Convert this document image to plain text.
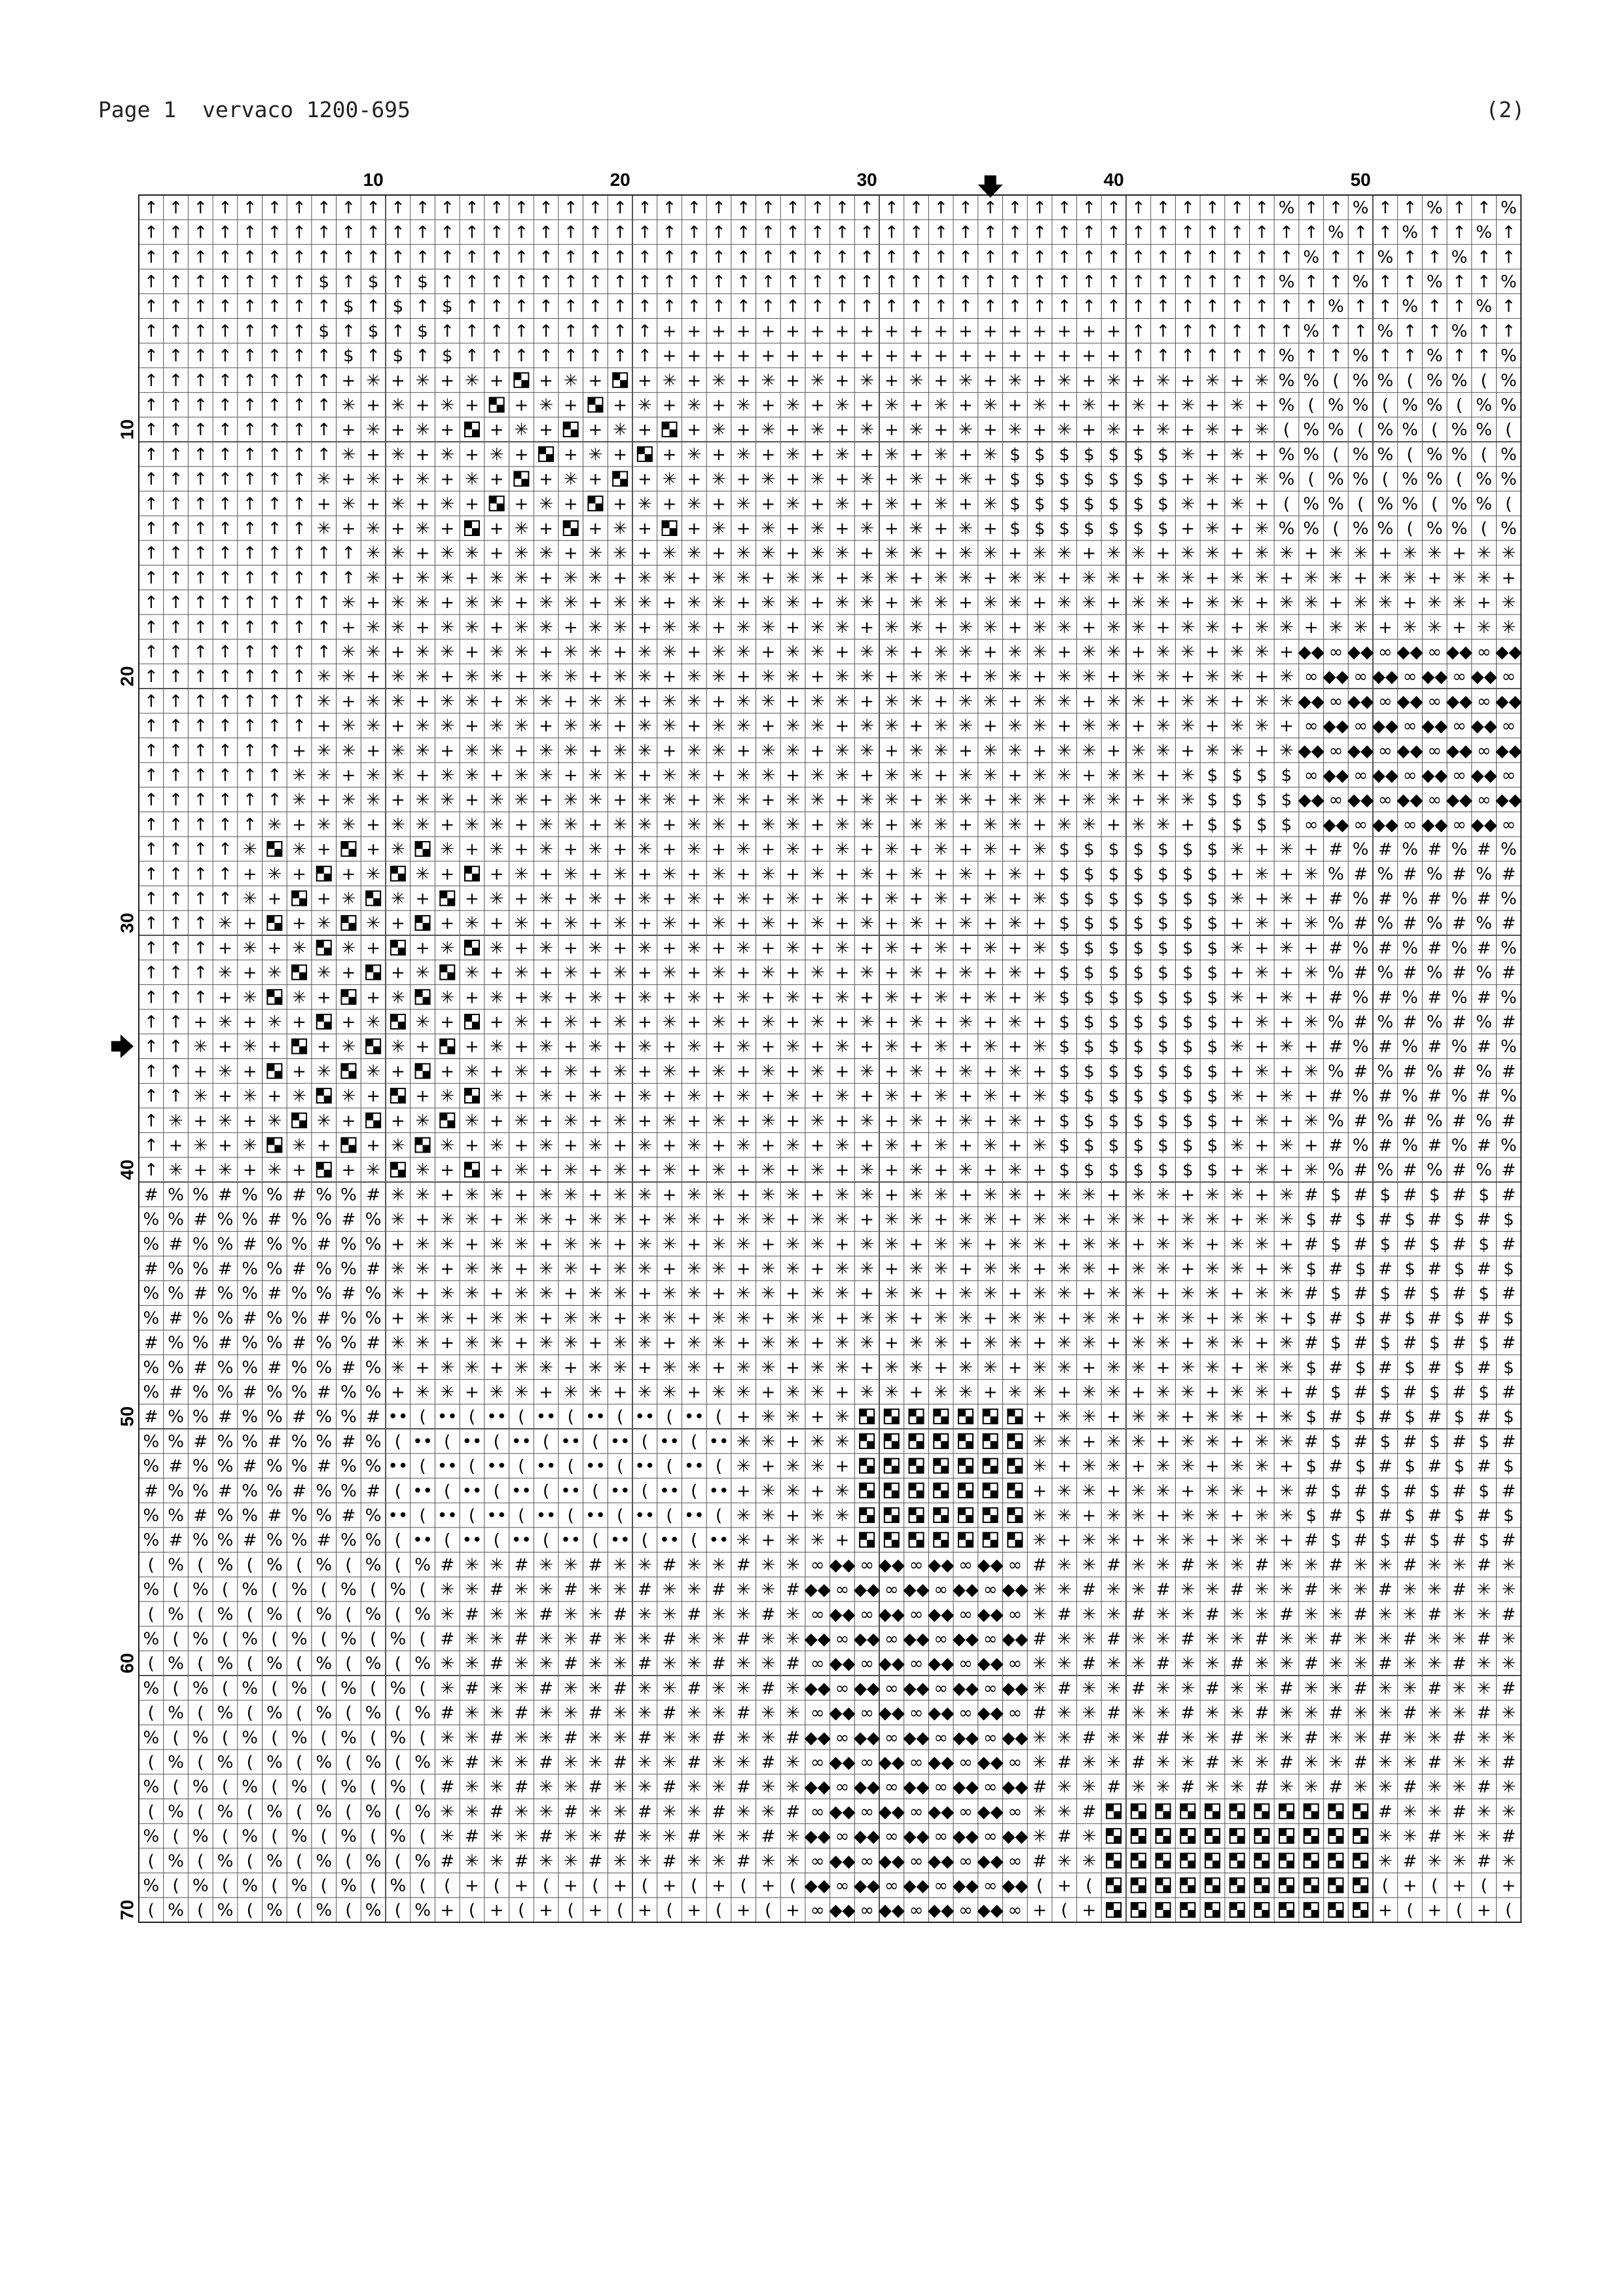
Page 1 vervaco 1200-695	(2)
↑ ↑ ↑ ↑ ↑ ↑ ↑ ↑ ↑ ↑ ↑ ↑ ↑ ↑ ↑ ↑ ↑ ↑ ↑ ↑ ↑ ↑ ↑ ↑ ↑ ↑ ↑ ↑ ↑ ↑ ↑ ↑ ↑ ↑ ↑ ↑ ↑ ↑ ↑ ↑ ↑ ↑ ↑ ↑ ↑ ↑ % ↑ ↑ % ↑ ↑ % ↑ ↑ %
↑ ↑ ↑ ↑ ↑ ↑ ↑ ↑ ↑ ↑ ↑ ↑ ↑ ↑ ↑ ↑ ↑ ↑ ↑ ↑ ↑ ↑ ↑ ↑ ↑ ↑ ↑ ↑ ↑ ↑ ↑ ↑ ↑ ↑ ↑ ↑ ↑ ↑ ↑ ↑ ↑ ↑ ↑ ↑ ↑ ↑ ↑ ↑ % ↑ ↑ % ↑ ↑ % ↑
↑ ↑ ↑ ↑ ↑ ↑ ↑ ↑ ↑ ↑ ↑ ↑ ↑ ↑ ↑ ↑ ↑ ↑ ↑ ↑ ↑ ↑ ↑ ↑ ↑ ↑ ↑ ↑ ↑ ↑ ↑ ↑ ↑ ↑ ↑ ↑ ↑ ↑ ↑ ↑ ↑ ↑ ↑ ↑ ↑ ↑ ↑ % ↑ ↑ % ↑ ↑ % ↑ ↑
↑ ↑ ↑ ↑ ↑ ↑ ↑ $ ↑ $ ↑ $ ↑ ↑ ↑ ↑ ↑ ↑ ↑ ↑ ↑ ↑ ↑ ↑ ↑ ↑ ↑ ↑ ↑ ↑ ↑ ↑ ↑ ↑ ↑ ↑ ↑ ↑ ↑ ↑ ↑ ↑ ↑ ↑ ↑ ↑ % ↑ ↑ % ↑ ↑ % ↑ ↑ %
↑ ↑ ↑ ↑ ↑ ↑ ↑ ↑ $ ↑ $ ↑ $ ↑ ↑ ↑ ↑ ↑ ↑ ↑ ↑ ↑ ↑ ↑ ↑ ↑ ↑ ↑ ↑ ↑ ↑ ↑ ↑ ↑ ↑ ↑ ↑ ↑ ↑ ↑ ↑ ↑ ↑ ↑ ↑ ↑ ↑ ↑ % ↑ ↑ % ↑ ↑ % ↑
↑ ↑ ↑ ↑ ↑ ↑ ↑ $ ↑ $ ↑ $ ↑ ↑ ↑ ↑ ↑ ↑ ↑ ↑ ↑ + + + + + + + + + + + + + + + + + + + ↑ ↑ ↑ ↑ ↑ ↑ ↑ % ↑ ↑ % ↑ ↑ % ↑ ↑
↑ ↑ ↑ ↑ ↑ ↑ ↑ ↑ $ ↑ $ ↑ $ ↑ ↑ ↑ ↑ ↑ ↑ ↑ ↑ + + + + + + + + + + + + + + + + + + + ↑ ↑ ↑ ↑ ↑ ↑ % ↑ ↑ % ↑ ↑ % ↑ ↑ %
↑ ↑ ↑ ↑ ↑ ↑ ↑ ↑ + ✳ + ✳ + ✳ + + ✳ + + ✳ + ✳ + ✳ + ✳ + ✳ + ✳ + ✳ + ✳ + ✳ + ✳ + ✳ + ✳ + ✳ % % ( % % ( % % ( %
↑ ↑ ↑ ↑ ↑ ↑ ↑ ↑ ✳ + ✳ + ✳ + + ✳ + + ✳ + ✳ + ✳ + ✳ + ✳ + ✳ + ✳ + ✳ + ✳ + ✳ + ✳ + ✳ + ✳ + % ( % % ( % % ( % %
↑ ↑ ↑ ↑ ↑ ↑ ↑ ↑ + ✳ + ✳ + + ✳ + + ✳ + + ✳ + ✳ + ✳ + ✳ + ✳ + ✳ + ✳ + ✳ + ✳ + ✳ + ✳ + ✳ ( % % ( % % ( % % (
↑ ↑ ↑ ↑ ↑ ↑ ↑ ↑ ✳ + ✳ + ✳ + ✳ + + ✳ + + ✳ + ✳ + ✳ + ✳ + ✳ + ✳ + ✳ $ $ $ $ $ $ $ ✳ + ✳ + % % ( % % ( % % ( %
↑ ↑ ↑ ↑ ↑ ↑ ↑ ✳ + ✳ + ✳ + ✳ + + ✳ + + ✳ + ✳ + ✳ + ✳ + ✳ + ✳ + ✳ + $ $ $ $ $ $ $ + ✳ + ✳ % ( % % ( % % ( % %
↑ ↑ ↑ ↑ ↑ ↑ ↑ + ✳ + ✳ + ✳ + + ✳ + + ✳ + ✳ + ✳ + ✳ + ✳ + ✳ + ✳ + ✳ $ $ $ $ $ $ $ ✳ + ✳ + ( % % ( % % ( % % (
↑ ↑ ↑ ↑ ↑ ↑ ↑ ✳ + ✳ + ✳ + + ✳ + + ✳ + + ✳ + ✳ + ✳ + ✳ + ✳ + ✳ + $ $ $ $ $ $ $ + ✳ + ✳ % % ( % % ( % % ( %
↑ ↑ ↑ ↑ ↑ ↑ ↑ ↑ ↑ ✳ ✳ + ✳ ✳ + ✳ ✳ + ✳ ✳ + ✳ ✳ + ✳ ✳ + ✳ ✳ + ✳ ✳ + ✳ ✳ + ✳ ✳ + ✳ ✳ + ✳ ✳ + ✳ ✳ + ✳ ✳ + ✳ ✳ + ✳ ✳
↑ ↑ ↑ ↑ ↑ ↑ ↑ ↑ ↑ ✳ + ✳ ✳ + ✳ ✳ + ✳ ✳ + ✳ ✳ + ✳ ✳ + ✳ ✳ + ✳ ✳ + ✳ ✳ + ✳ ✳ + ✳ ✳ + ✳ ✳ + ✳ ✳ + ✳ ✳ + ✳ ✳ + ✳ ✳ +
↑ ↑ ↑ ↑ ↑ ↑ ↑ ↑ ✳ + ✳ ✳ + ✳ ✳ + ✳ ✳ + ✳ ✳ + ✳ ✳ + ✳ ✳ + ✳ ✳ + ✳ ✳ + ✳ ✳ + ✳ ✳ + ✳ ✳ + ✳ ✳ + ✳ ✳ + ✳ ✳ + ✳ ✳ + ✳
↑ ↑ ↑ ↑ ↑ ↑ ↑ ↑ + ✳ ✳ + ✳ ✳ + ✳ ✳ + ✳ ✳ + ✳ ✳ + ✳ ✳ + ✳ ✳ + ✳ ✳ + ✳ ✳ + ✳ ✳ + ✳ ✳ + ✳ ✳ + ✳ ✳ + ✳ ✳ + ✳ ✳ + ✳ ✳
↑ ↑ ↑ ↑ ↑ ↑ ↑ ↑ ✳ ✳ + ✳ ✳ + ✳ ✳ + ✳ ✳ + ✳ ✳ + ✳ ✳ + ✳ ✳ + ✳ ✳ + ✳ ✳ + ✳ ✳ + ✳ ✳ + ✳ ✳ + ✳ ✳ + ◆◆ ∞ ◆◆ ∞ ◆◆ ∞ ◆◆ ∞ ◆◆
↑ ↑ ↑ ↑ ↑ ↑ ↑ ✳ ✳ + ✳ ✳ + ✳ ✳ + ✳ ✳ + ✳ ✳ + ✳ ✳ + ✳ ✳ + ✳ ✳ + ✳ ✳ + ✳ ✳ + ✳ ✳ + ✳ ✳ + ✳ ✳ + ✳ ∞ ◆◆ ∞ ◆◆ ∞ ◆◆ ∞ ◆◆ ∞
↑ ↑ ↑ ↑ ↑ ↑ ↑ ✳ + ✳ ✳ + ✳ ✳ + ✳ ✳ + ✳ ✳ + ✳ ✳ + ✳ ✳ + ✳ ✳ + ✳ ✳ + ✳ ✳ + ✳ ✳ + ✳ ✳ + ✳ ✳ + ✳ ✳ ◆◆ ∞ ◆◆ ∞ ◆◆ ∞ ◆◆ ∞ ◆◆
↑ ↑ ↑ ↑ ↑ ↑ ↑ + ✳ ✳ + ✳ ✳ + ✳ ✳ + ✳ ✳ + ✳ ✳ + ✳ ✳ + ✳ ✳ + ✳ ✳ + ✳ ✳ + ✳ ✳ + ✳ ✳ + ✳ ✳ + ✳ ✳ + ∞ ◆◆ ∞ ◆◆ ∞ ◆◆ ∞ ◆◆ ∞
↑ ↑ ↑ ↑ ↑ ↑ + ✳ ✳ + ✳ ✳ + ✳ ✳ + ✳ ✳ + ✳ ✳ + ✳ ✳ + ✳ ✳ + ✳ ✳ + ✳ ✳ + ✳ ✳ + ✳ ✳ + ✳ ✳ + ✳ ✳ + ✳ ◆◆ ∞ ◆◆ ∞ ◆◆ ∞ ◆◆ ∞ ◆◆
↑ ↑ ↑ ↑ ↑ ↑ ✳ ✳ + ✳ ✳ + ✳ ✳ + ✳ ✳ + ✳ ✳ + ✳ ✳ + ✳ ✳ + ✳ ✳ + ✳ ✳ + ✳ ✳ + ✳ ✳ + ✳ ✳ + ✳ $ $ $ $ ∞ ◆◆ ∞ ◆◆ ∞ ◆◆ ∞ ◆◆ ∞
↑ ↑ ↑ ↑ ↑ ↑ ✳ + ✳ ✳ + ✳ ✳ + ✳ ✳ + ✳ ✳ + ✳ ✳ + ✳ ✳ + ✳ ✳ + ✳ ✳ + ✳ ✳ + ✳ ✳ + ✳ ✳ + ✳ ✳ $ $ $ $ ◆◆ ∞ ◆◆ ∞ ◆◆ ∞ ◆◆ ∞ ◆◆
↑ ↑ ↑ ↑ ↑ ✳ + ✳ ✳ + ✳ ✳ + ✳ ✳ + ✳ ✳ + ✳ ✳ + ✳ ✳ + ✳ ✳ + ✳ ✳ + ✳ ✳ + ✳ ✳ + ✳ ✳ + ✳ ✳ + $ $ $ $ ∞ ◆◆ ∞ ◆◆ ∞ ◆◆ ∞ ◆◆ ∞
↑ ↑ ↑ ↑ ✳ ✳ + + ✳ ✳ + ✳ + ✳ + ✳ + ✳ + ✳ + ✳ + ✳ + ✳ + ✳ + ✳ + ✳ + ✳ $ $ $ $ $ $ $ ✳ + ✳ + # % # % # % # %
↑ ↑ ↑ ↑ + ✳ + + ✳ ✳ + + ✳ + ✳ + ✳ + ✳ + ✳ + ✳ + ✳ + ✳ + ✳ + ✳ + ✳ + $ $ $ $ $ $ $ + ✳ + ✳ % # % # % # % #
↑ ↑ ↑ ↑ ✳ + + ✳ ✳ + + ✳ + ✳ + ✳ + ✳ + ✳ + ✳ + ✳ + ✳ + ✳ + ✳ + ✳ + ✳ $ $ $ $ $ $ $ ✳ + ✳ + # % # % # % # %
↑ ↑ ↑ ✳ + + ✳ ✳ + + ✳ + ✳ + ✳ + ✳ + ✳ + ✳ + ✳ + ✳ + ✳ + ✳ + ✳ + ✳ + $ $ $ $ $ $ $ + ✳ + ✳ % # % # % # % #
↑ ↑ ↑ + ✳ + ✳ ✳ + + ✳ ✳ + ✳ + ✳ + ✳ + ✳ + ✳ + ✳ + ✳ + ✳ + ✳ + ✳ + ✳ $ $ $ $ $ $ $ ✳ + ✳ + # % # % # % # %
↑ ↑ ↑ ✳ + ✳ ✳ + + ✳ ✳ + ✳ + ✳ + ✳ + ✳ + ✳ + ✳ + ✳ + ✳ + ✳ + ✳ + ✳ + $ $ $ $ $ $ $ + ✳ + ✳ % # % # % # % #
↑ ↑ ↑ + ✳ ✳ + + ✳ ✳ + ✳ + ✳ + ✳ + ✳ + ✳ + ✳ + ✳ + ✳ + ✳ + ✳ + ✳ + ✳ $ $ $ $ $ $ $ ✳ + ✳ + # % # % # % # %
↑ ↑ + ✳ + ✳ + + ✳ ✳ + + ✳ + ✳ + ✳ + ✳ + ✳ + ✳ + ✳ + ✳ + ✳ + ✳ + ✳ + $ $ $ $ $ $ $ + ✳ + ✳ % # % # % # % #
↑ ↑ ✳ + ✳ + + ✳ ✳ + + ✳ + ✳ + ✳ + ✳ + ✳ + ✳ + ✳ + ✳ + ✳ + ✳ + ✳ + ✳ $ $ $ $ $ $ $ ✳ + ✳ + # % # % # % # %
↑ ↑ + ✳ + + ✳ ✳ + + ✳ + ✳ + ✳ + ✳ + ✳ + ✳ + ✳ + ✳ + ✳ + ✳ + ✳ + ✳ + $ $ $ $ $ $ $ + ✳ + ✳ % # % # % # % #
↑ ↑ ✳ + ✳ + ✳ ✳ + + ✳ ✳ + ✳ + ✳ + ✳ + ✳ + ✳ + ✳ + ✳ + ✳ + ✳ + ✳ + ✳ $ $ $ $ $ $ $ ✳ + ✳ + # % # % # % # %
↑ ✳ + ✳ + ✳ ✳ + + ✳ ✳ + ✳ + ✳ + ✳ + ✳ + ✳ + ✳ + ✳ + ✳ + ✳ + ✳ + ✳ + $ $ $ $ $ $ $ + ✳ + ✳ % # % # % # % #
↑ + ✳ + ✳ ✳ + + ✳ ✳ + ✳ + ✳ + ✳ + ✳ + ✳ + ✳ + ✳ + ✳ + ✳ + ✳ + ✳ + ✳ $ $ $ $ $ $ $ ✳ + ✳ + # % # % # % # %
↑ ✳ + ✳ + ✳ + + ✳ ✳ + + ✳ + ✳ + ✳ + ✳ + ✳ + ✳ + ✳ + ✳ + ✳ + ✳ + ✳ + $ $ $ $ $ $ $ + ✳ + ✳ % # % # % # % #
# % % # % % # % % # ✳ ✳ + ✳ ✳ + ✳ ✳ + ✳ ✳ + ✳ ✳ + ✳ ✳ + ✳ ✳ + ✳ ✳ + ✳ ✳ + ✳ ✳ + ✳ ✳ + ✳ ✳ + ✳ # $ # $ # $ # $ #
% % # % % # % % # % ✳ + ✳ ✳ + ✳ ✳ + ✳ ✳ + ✳ ✳ + ✳ ✳ + ✳ ✳ + ✳ ✳ + ✳ ✳ + ✳ ✳ + ✳ ✳ + ✳ ✳ + ✳ ✳ $ # $ # $ # $ # $
% # % % # % % # % % + ✳ ✳ + ✳ ✳ + ✳ ✳ + ✳ ✳ + ✳ ✳ + ✳ ✳ + ✳ ✳ + ✳ ✳ + ✳ ✳ + ✳ ✳ + ✳ ✳ + ✳ ✳ + # $ # $ # $ # $ #
# % % # % % # % % # ✳ ✳ + ✳ ✳ + ✳ ✳ + ✳ ✳ + ✳ ✳ + ✳ ✳ + ✳ ✳ + ✳ ✳ + ✳ ✳ + ✳ ✳ + ✳ ✳ + ✳ ✳ + ✳ $ # $ # $ # $ # $
% % # % % # % % # % ✳ + ✳ ✳ + ✳ ✳ + ✳ ✳ + ✳ ✳ + ✳ ✳ + ✳ ✳ + ✳ ✳ + ✳ ✳ + ✳ ✳ + ✳ ✳ + ✳ ✳ + ✳ ✳ # $ # $ # $ # $ #
% # % % # % % # % % + ✳ ✳ + ✳ ✳ + ✳ ✳ + ✳ ✳ + ✳ ✳ + ✳ ✳ + ✳ ✳ + ✳ ✳ + ✳ ✳ + ✳ ✳ + ✳ ✳ + ✳ ✳ + $ # $ # $ # $ # $
# % % # % % # % % # ✳ ✳ + ✳ ✳ + ✳ ✳ + ✳ ✳ + ✳ ✳ + ✳ ✳ + ✳ ✳ + ✳ ✳ + ✳ ✳ + ✳ ✳ + ✳ ✳ + ✳ ✳ + ✳ # $ # $ # $ # $ #
% % # % % # % % # % ✳ + ✳ ✳ + ✳ ✳ + ✳ ✳ + ✳ ✳ + ✳ ✳ + ✳ ✳ + ✳ ✳ + ✳ ✳ + ✳ ✳ + ✳ ✳ + ✳ ✳ + ✳ ✳ $ # $ # $ # $ # $
% # % % # % % # % % + ✳ ✳ + ✳ ✳ + ✳ ✳ + ✳ ✳ + ✳ ✳ + ✳ ✳ + ✳ ✳ + ✳ ✳ + ✳ ✳ + ✳ ✳ + ✳ ✳ + ✳ ✳ + # $ # $ # $ # $ #
# % % # % % # % % # •• ( •• ( •• ( •• ( •• ( •• ( •• ( + ✳ ✳ + ✳	+ ✳ ✳ + ✳ ✳ + ✳ ✳ + ✳ $ # $ # $ # $ # $
% % # % % # % % # % ( •• ( •• ( •• ( •• ( •• ( •• ( •• ✳ ✳ + ✳ ✳	✳ ✳ + ✳ ✳ + ✳ ✳ + ✳ ✳ # $ # $ # $ # $ #
% # % % # % % # % % •• ( •• ( •• ( •• ( •• ( •• ( •• ( ✳ + ✳ ✳ +	✳ + ✳ ✳ + ✳ ✳ + ✳ ✳ + $ # $ # $ # $ # $
# % % # % % # % % # ( •• ( •• ( •• ( •• ( •• ( •• ( •• + ✳ ✳ + ✳	+ ✳ ✳ + ✳ ✳ + ✳ ✳ + ✳ # $ # $ # $ # $ #
% % # % % # % % # % •• ( •• ( •• ( •• ( •• ( •• ( •• ( ✳ ✳ + ✳ ✳	✳ ✳ + ✳ ✳ + ✳ ✳ + ✳ ✳ $ # $ # $ # $ # $
% # % % # % % # % % ( •• ( •• ( •• ( •• ( •• ( •• ( •• ✳ + ✳ ✳ +	✳ + ✳ ✳ + ✳ ✳ + ✳ ✳ + # $ # $ # $ # $ #
( % ( % ( % ( % ( % ( % # ✳ ✳ # ✳ ✳ # ✳ ✳ # ✳ ✳ # ✳ ✳ ∞ ◆◆ ∞ ◆◆ ∞ ◆◆ ∞ ◆◆ ∞ # ✳ ✳ # ✳ ✳ # ✳ ✳ # ✳ ✳ # ✳ ✳ # ✳ ✳ # ✳
% ( % ( % ( % ( % ( % ( ✳ ✳ # ✳ ✳ # ✳ ✳ # ✳ ✳ # ✳ ✳ # ◆◆ ∞ ◆◆ ∞ ◆◆ ∞ ◆◆ ∞ ◆◆ ✳ ✳ # ✳ ✳ # ✳ ✳ # ✳ ✳ # ✳ ✳ # ✳ ✳ # ✳ ✳
( % ( % ( % ( % ( % ( % ✳ # ✳ ✳ # ✳ ✳ # ✳ ✳ # ✳ ✳ # ✳ ∞ ◆◆ ∞ ◆◆ ∞ ◆◆ ∞ ◆◆ ∞ ✳ # ✳ ✳ # ✳ ✳ # ✳ ✳ # ✳ ✳ # ✳ ✳ # ✳ ✳ #
% ( % ( % ( % ( % ( % ( # ✳ ✳ # ✳ ✳ # ✳ ✳ # ✳ ✳ # ✳ ✳ ◆◆ ∞ ◆◆ ∞ ◆◆ ∞ ◆◆ ∞ ◆◆ # ✳ ✳ # ✳ ✳ # ✳ ✳ # ✳ ✳ # ✳ ✳ # ✳ ✳ # ✳
( % ( % ( % ( % ( % ( % ✳ ✳ # ✳ ✳ # ✳ ✳ # ✳ ✳ # ✳ ✳ # ∞ ◆◆ ∞ ◆◆ ∞ ◆◆ ∞ ◆◆ ∞ ✳ ✳ # ✳ ✳ # ✳ ✳ # ✳ ✳ # ✳ ✳ # ✳ ✳ # ✳ ✳
% ( % ( % ( % ( % ( % ( ✳ # ✳ ✳ # ✳ ✳ # ✳ ✳ # ✳ ✳ # ✳ ◆◆ ∞ ◆◆ ∞ ◆◆ ∞ ◆◆ ∞ ◆◆ ✳ # ✳ ✳ # ✳ ✳ # ✳ ✳ # ✳ ✳ # ✳ ✳ # ✳ ✳ #
( % ( % ( % ( % ( % ( % # ✳ ✳ # ✳ ✳ # ✳ ✳ # ✳ ✳ # ✳ ✳ ∞ ◆◆ ∞ ◆◆ ∞ ◆◆ ∞ ◆◆ ∞ # ✳ ✳ # ✳ ✳ # ✳ ✳ # ✳ ✳ # ✳ ✳ # ✳ ✳ # ✳
% ( % ( % ( % ( % ( % ( ✳ ✳ # ✳ ✳ # ✳ ✳ # ✳ ✳ # ✳ ✳ # ◆◆ ∞ ◆◆ ∞ ◆◆ ∞ ◆◆ ∞ ◆◆ ✳ ✳ # ✳ ✳ # ✳ ✳ # ✳ ✳ # ✳ ✳ # ✳ ✳ # ✳ ✳
( % ( % ( % ( % ( % ( % ✳ # ✳ ✳ # ✳ ✳ # ✳ ✳ # ✳ ✳ # ✳ ∞ ◆◆ ∞ ◆◆ ∞ ◆◆ ∞ ◆◆ ∞ ✳ # ✳ ✳ # ✳ ✳ # ✳ ✳ # ✳ ✳ # ✳ ✳ # ✳ ✳ #
% ( % ( % ( % ( % ( % ( # ✳ ✳ # ✳ ✳ # ✳ ✳ # ✳ ✳ # ✳ ✳ ◆◆ ∞ ◆◆ ∞ ◆◆ ∞ ◆◆ ∞ ◆◆ # ✳ ✳ # ✳ ✳ # ✳ ✳ # ✳ ✳ # ✳ ✳ # ✳ ✳ # ✳
( % ( % ( % ( % ( % ( % ✳ ✳ # ✳ ✳ # ✳ ✳ # ✳ ✳ # ✳ ✳ # ∞ ◆◆ ∞ ◆◆ ∞ ◆◆ ∞ ◆◆ ∞ ✳ ✳ #	# ✳ ✳ # ✳ ✳
% ( % ( % ( % ( % ( % ( ✳ # ✳ ✳ # ✳ ✳ # ✳ ✳ # ✳ ✳ # ✳ ◆◆ ∞ ◆◆ ∞ ◆◆ ∞ ◆◆ ∞ ◆◆ ✳ # ✳	✳ ✳ # ✳ ✳ #
( % ( % ( % ( % ( % ( % # ✳ ✳ # ✳ ✳ # ✳ ✳ # ✳ ✳ # ✳ ✳ ∞ ◆◆ ∞ ◆◆ ∞ ◆◆ ∞ ◆◆ ∞ # ✳ ✳	✳ # ✳ ✳ # ✳
% ( % ( % ( % ( % ( % ( ( + ( + ( + ( + ( + ( + ( + ( ◆◆ ∞ ◆◆ ∞ ◆◆ ∞ ◆◆ ∞ ◆◆ ( + (	( + ( + ( +
( % ( % ( % ( % ( % ( % + ( + ( + ( + ( + ( + ( + ( + ∞ ◆◆ ∞ ◆◆ ∞ ◆◆ ∞ ◆◆ ∞ + ( +	+ ( + ( + (
10	20	30	40	50
10
20
30
40
50
60
70
